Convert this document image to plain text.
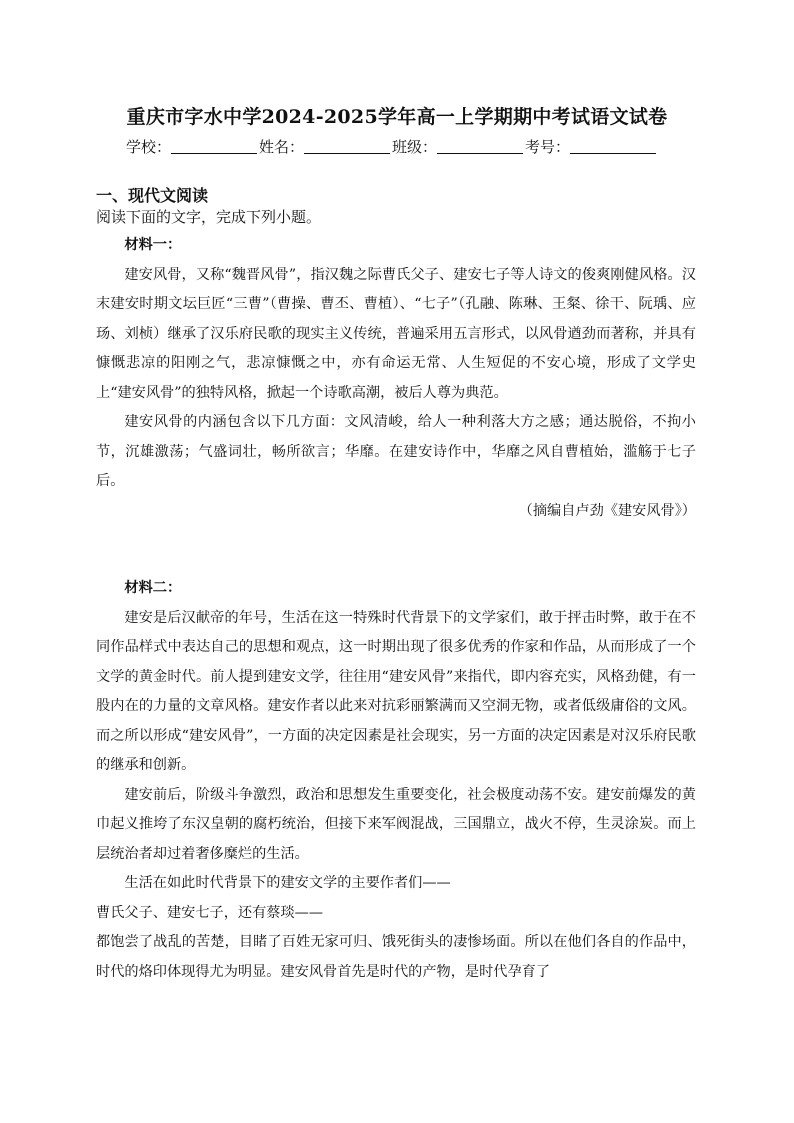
重庆市字水中学2024-2025学年高一上学期期中考试语文试卷
学校：	姓名：	班级：	考号：
一、现代文阅读
阅读下面的文字，完成下列小题。

材料一：

建安风骨，又称“魏晋风骨”，指汉魏之际曹氏父子、建安七子等人诗文的俊爽刚健风格。汉末建安时期文坛巨匠“三曹”（曹操、曹丕、曹植）、“七子”（孔融、陈琳、王粲、徐干、阮瑀、应玚、刘桢）继承了汉乐府民歌的现实主义传统，普遍采用五言形式，以风骨遒劲而著称，并具有慷慨悲凉的阳刚之气，悲凉慷慨之中，亦有命运无常、人生短促的不安心境，形成了文学史上“建安风骨”的独特风格，掀起一个诗歌高潮，被后人尊为典范。

建安风骨的内涵包含以下几方面：文风清峻，给人一种利落大方之感；通达脱俗，不拘小节，沉雄激荡；气盛词壮，畅所欲言；华靡。在建安诗作中，华靡之风自曹植始，滥觞于七子后。

（摘编自卢劲《建安风骨》）

材料二：

建安是后汉献帝的年号，生活在这一特殊时代背景下的文学家们，敢于抨击时弊，敢于在不同作品样式中表达自己的思想和观点，这一时期出现了很多优秀的作家和作品，从而形成了一个文学的黄金时代。前人提到建安文学，往往用“建安风骨”来指代，即内容充实，风格劲健，有一股内在的力量的文章风格。建安作者以此来对抗彩丽繁满而又空洞无物，或者低级庸俗的文风。而之所以形成“建安风骨”，一方面的决定因素是社会现实，另一方面的决定因素是对汉乐府民歌的继承和创新。

建安前后，阶级斗争激烈，政治和思想发生重要变化，社会极度动荡不安。建安前爆发的黄巾起义推垮了东汉皇朝的腐朽统治，但接下来军阀混战，三国鼎立，战火不停，生灵涂炭。而上层统治者却过着奢侈糜烂的生活。

生活在如此时代背景下的建安文学的主要作者们——

曹氏父子、建安七子，还有蔡琰——

都饱尝了战乱的苦楚，目睹了百姓无家可归、饿死街头的凄惨场面。所以在他们各自的作品中，时代的烙印体现得尤为明显。建安风骨首先是时代的产物，是时代孕育了
